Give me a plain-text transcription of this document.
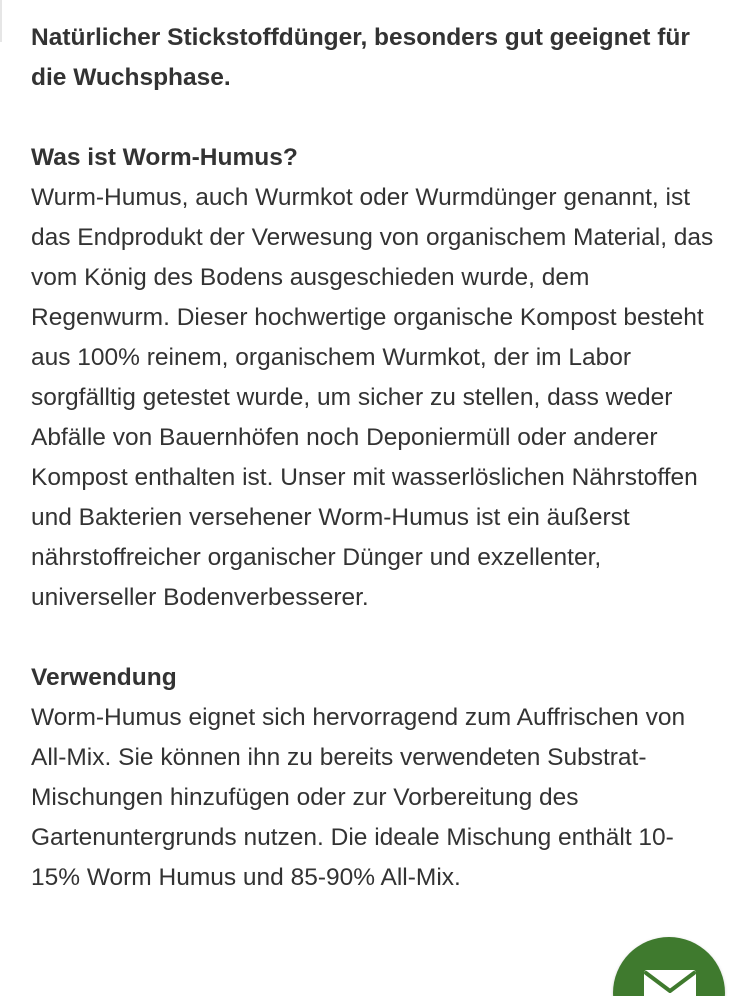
Natürlicher Stickstoffdünger, besonders gut geeignet für die Wuchsphase.

Was ist Worm-Humus?

Wurm-Humus, auch Wurmkot oder Wurmdünger genannt, ist das Endprodukt der Verwesung von organischem Material, das vom König des Bodens ausgeschieden wurde, dem Regenwurm. Dieser hochwertige organische Kompost besteht aus 100% reinem, organischem Wurmkot, der im Labor sorgfälltig getestet wurde, um sicher zu stellen, dass weder Abfälle von Bauernhöfen noch Deponiermüll oder anderer Kompost enthalten ist. Unser mit wasserlöslichen Nährstoffen und Bakterien versehener Worm-Humus ist ein äußerst nährstoffreicher organischer Dünger und exzellenter, universeller Bodenverbesserer.

Verwendung

Worm-Humus eignet sich hervorragend zum Auffrischen von All-Mix. Sie können ihn zu bereits verwendeten Substrat-Mischungen hinzufügen oder zur Vorbereitung des Gartenuntergrunds nutzen. Die ideale Mischung enthält 10-15% Worm Humus und 85-90% All-Mix.
